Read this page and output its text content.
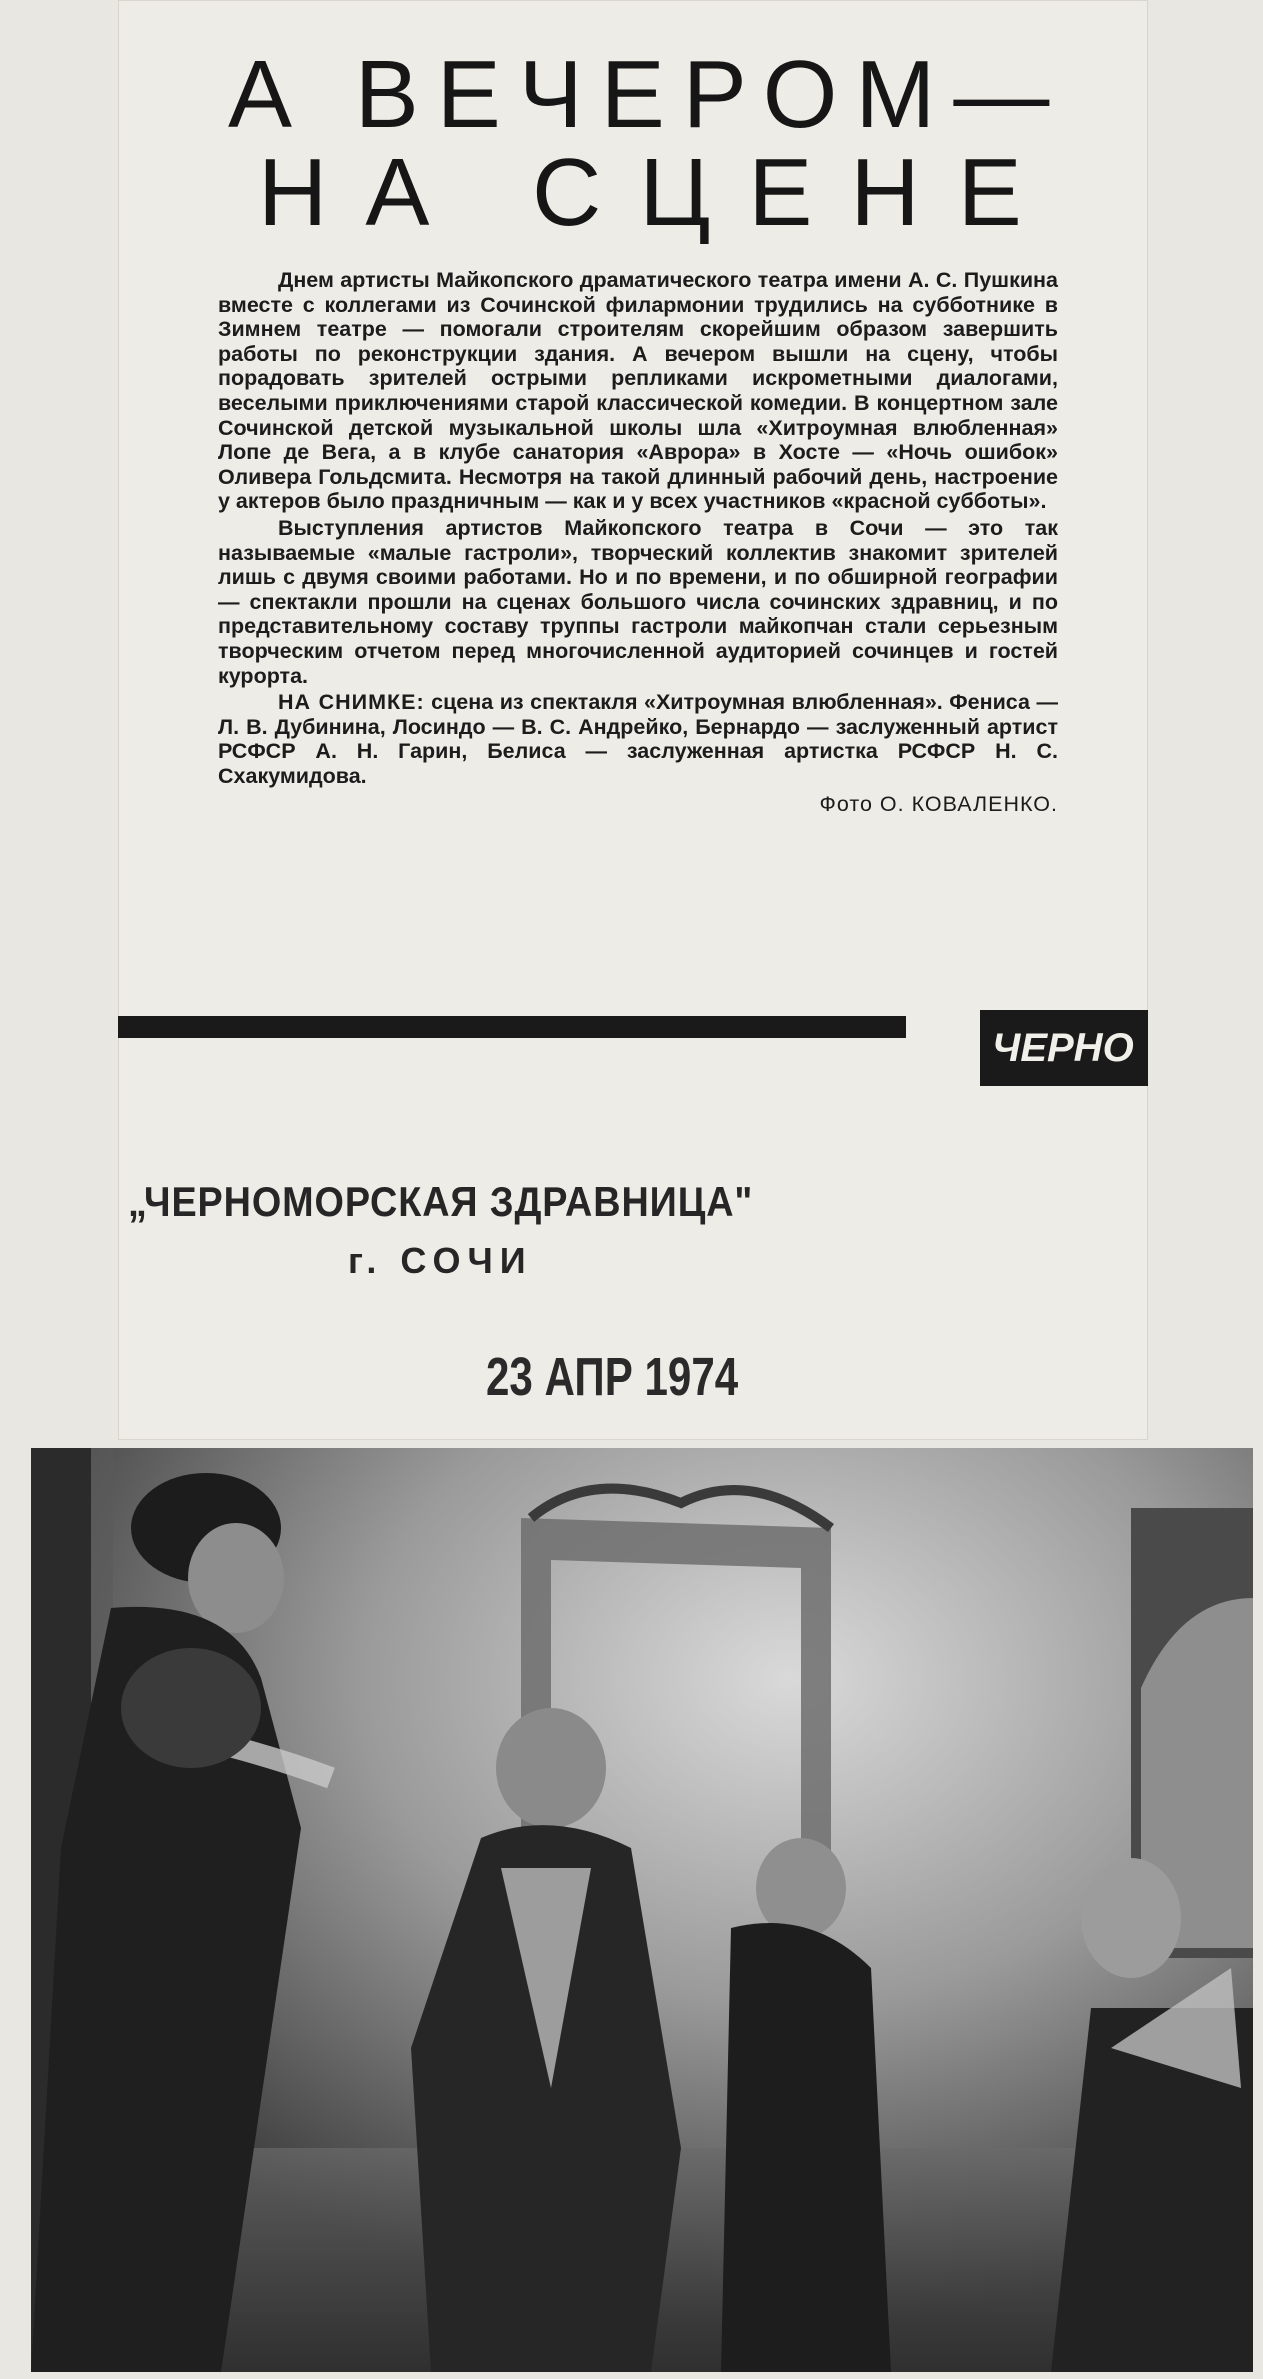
А ВЕЧЕРОМ—
НА СЦЕНЕ

Днем артисты Майкопского драматического театра имени А. С. Пушкина вместе с коллегами из Сочинской филармонии трудились на субботнике в Зимнем театре — помогали строителям скорейшим образом завершить работы по реконструкции здания. А вечером вышли на сцену, чтобы порадовать зрителей острыми репликами искрометными диалогами, веселыми приключениями старой классической комедии. В концертном зале Сочинской детской музыкальной школы шла «Хитроумная влюбленная» Лопе де Вега, а в клубе санатория «Аврора» в Хосте — «Ночь ошибок» Оливера Гольдсмита. Несмотря на такой длинный рабочий день, настроение у актеров было праздничным — как и у всех участников «красной субботы».

Выступления артистов Майкопского театра в Сочи — это так называемые «малые гастроли», творческий коллектив знакомит зрителей лишь с двумя своими работами. Но и по времени, и по обширной географии — спектакли прошли на сценах большого числа сочинских здравниц, и по представительному составу труппы гастроли майкопчан стали серьезным творческим отчетом перед многочисленной аудиторией сочинцев и гостей курорта.

НА СНИМКЕ: сцена из спектакля «Хитроумная влюбленная». Фениса — Л. В. Дубинина, Лосиндо — В. С. Андрейко, Бернардо — заслуженный артист РСФСР А. Н. Гарин, Белиса — заслуженная артистка РСФСР Н. С. Схакумидова.

Фото О. КОВАЛЕНКО.
ЧЕРНО
„ЧЕРНОМОРСКАЯ ЗДРАВНИЦА"
г. СОЧИ
23 АПР 1974
